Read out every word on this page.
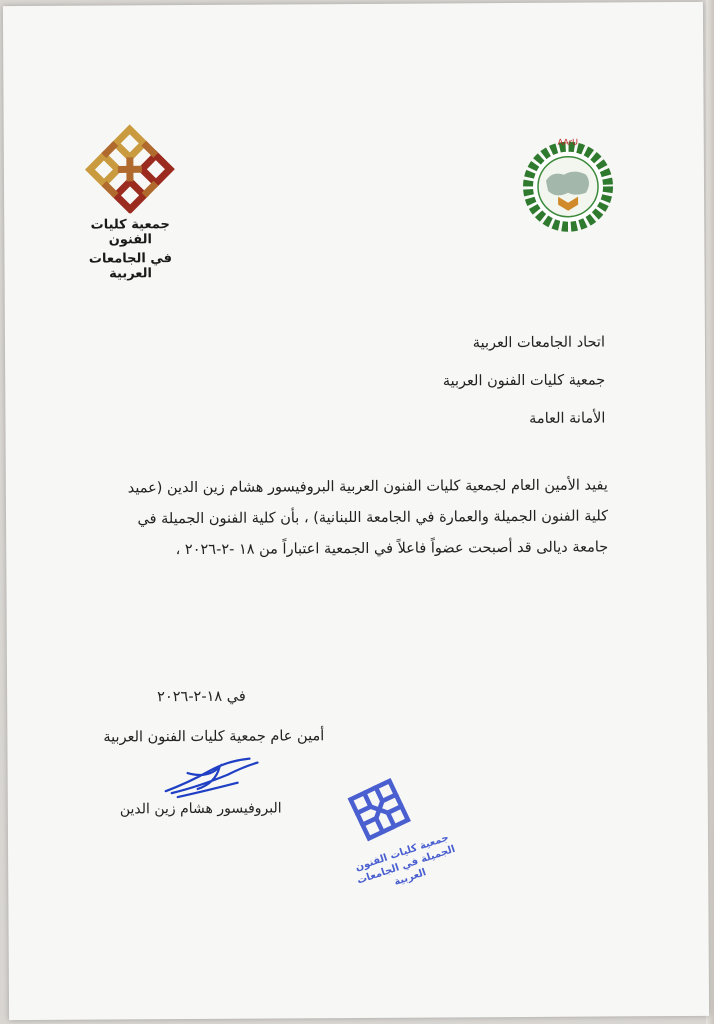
جمعية كليات الفنون
في الجامعات العربية
AArU
اتحاد الجامعات العربية
جمعية كليات الفنون العربية
الأمانة العامة
يفيد الأمين العام لجمعية كليات الفنون العربية البروفيسور هشام زين الدين (عميد كلية الفنون الجميلة والعمارة في الجامعة اللبنانية) ، بأن كلية الفنون الجميلة في جامعة ديالى قد أصبحت عضواً فاعلاً في الجمعية اعتباراً من ١٨ -٢-٢٠٢٦ ،
في ١٨-٢-٢٠٢٦
أمين عام جمعية كليات الفنون العربية
البروفيسور هشام زين الدين
جمعية كليات الفنون الجميلة في الجامعات العربية
